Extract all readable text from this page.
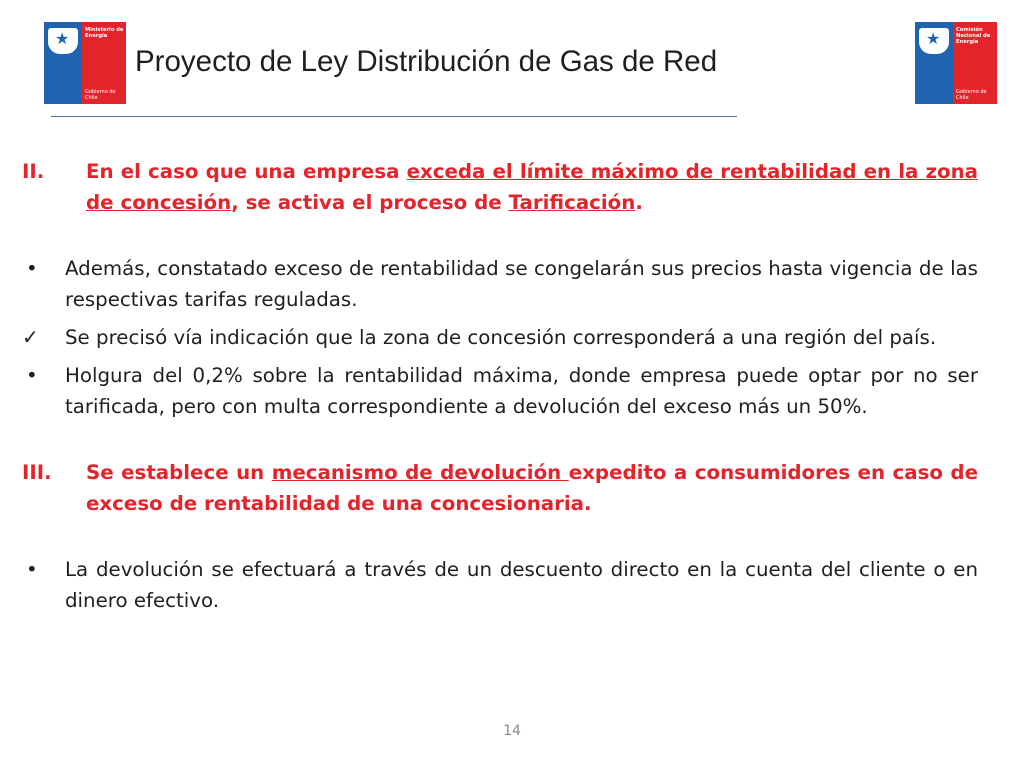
★	Ministerio de
Energía
Gobierno de Chile
Proyecto de Ley Distribución de Gas de Red
★	Comisión
Nacional de
Energía
Gobierno de Chile
II. En el caso que una empresa exceda el límite máximo de rentabilidad en la zona de concesión, se activa el proceso de Tarificación.
• Además, constatado exceso de rentabilidad se congelarán sus precios hasta vigencia de las respectivas tarifas reguladas.
✓ Se precisó vía indicación que la zona de concesión corresponderá a una región del país.
• Holgura del 0,2% sobre la rentabilidad máxima, donde empresa puede optar por no ser tarificada, pero con multa correspondiente a devolución del exceso más un 50%.
III. Se establece un mecanismo de devolución expedito a consumidores en caso de exceso de rentabilidad de una concesionaria.
• La devolución se efectuará a través de un descuento directo en la cuenta del cliente o en dinero efectivo.
14
